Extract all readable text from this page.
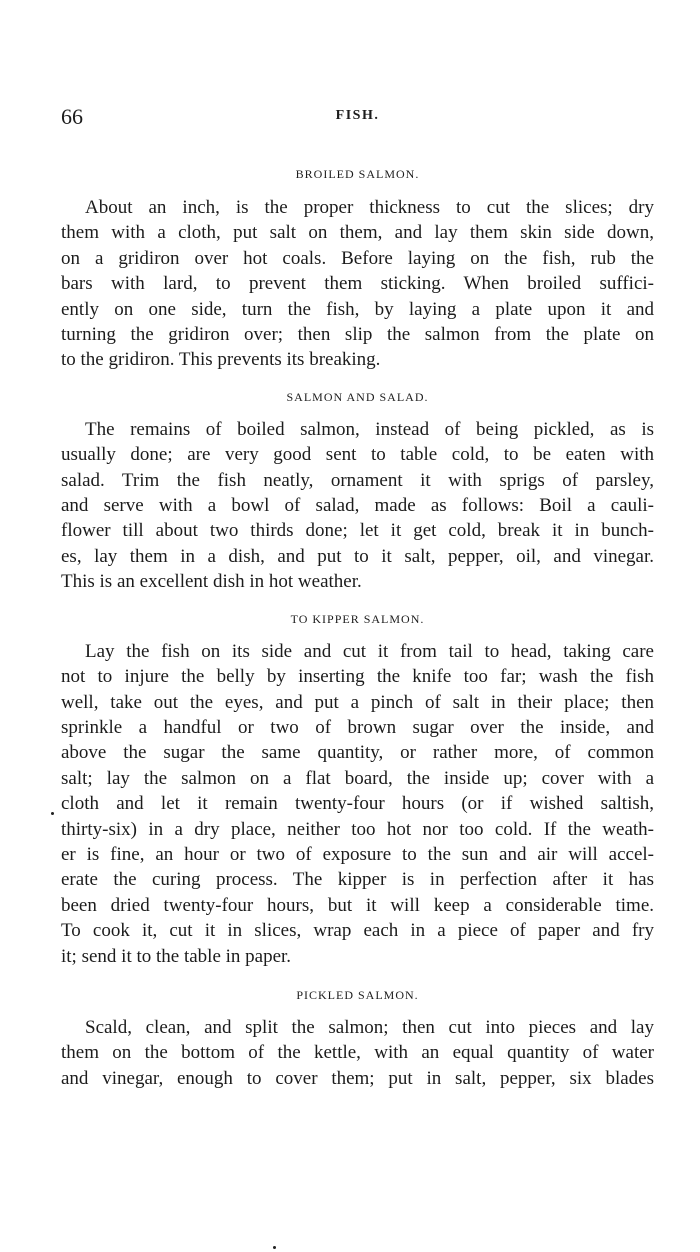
66	FISH.
BROILED SALMON.
About an inch, is the proper thickness to cut the slices; dry
them with a cloth, put salt on them, and lay them skin side down,
on a gridiron over hot coals. Before laying on the fish, rub the
bars with lard, to prevent them sticking. When broiled suffici-
ently on one side, turn the fish, by laying a plate upon it and
turning the gridiron over; then slip the salmon from the plate on
to the gridiron. This prevents its breaking.
SALMON AND SALAD.
The remains of boiled salmon, instead of being pickled, as is
usually done; are very good sent to table cold, to be eaten with
salad. Trim the fish neatly, ornament it with sprigs of parsley,
and serve with a bowl of salad, made as follows: Boil a cauli-
flower till about two thirds done; let it get cold, break it in bunch-
es, lay them in a dish, and put to it salt, pepper, oil, and vinegar.
This is an excellent dish in hot weather.
TO KIPPER SALMON.
Lay the fish on its side and cut it from tail to head, taking care
not to injure the belly by inserting the knife too far; wash the fish
well, take out the eyes, and put a pinch of salt in their place; then
sprinkle a handful or two of brown sugar over the inside, and
above the sugar the same quantity, or rather more, of common
salt; lay the salmon on a flat board, the inside up; cover with a
cloth and let it remain twenty-four hours (or if wished saltish,
thirty-six) in a dry place, neither too hot nor too cold. If the weath-
er is fine, an hour or two of exposure to the sun and air will accel-
erate the curing process. The kipper is in perfection after it has
been dried twenty-four hours, but it will keep a considerable time.
To cook it, cut it in slices, wrap each in a piece of paper and fry
it; send it to the table in paper.
PICKLED SALMON.
Scald, clean, and split the salmon; then cut into pieces and lay
them on the bottom of the kettle, with an equal quantity of water
and vinegar, enough to cover them; put in salt, pepper, six blades
